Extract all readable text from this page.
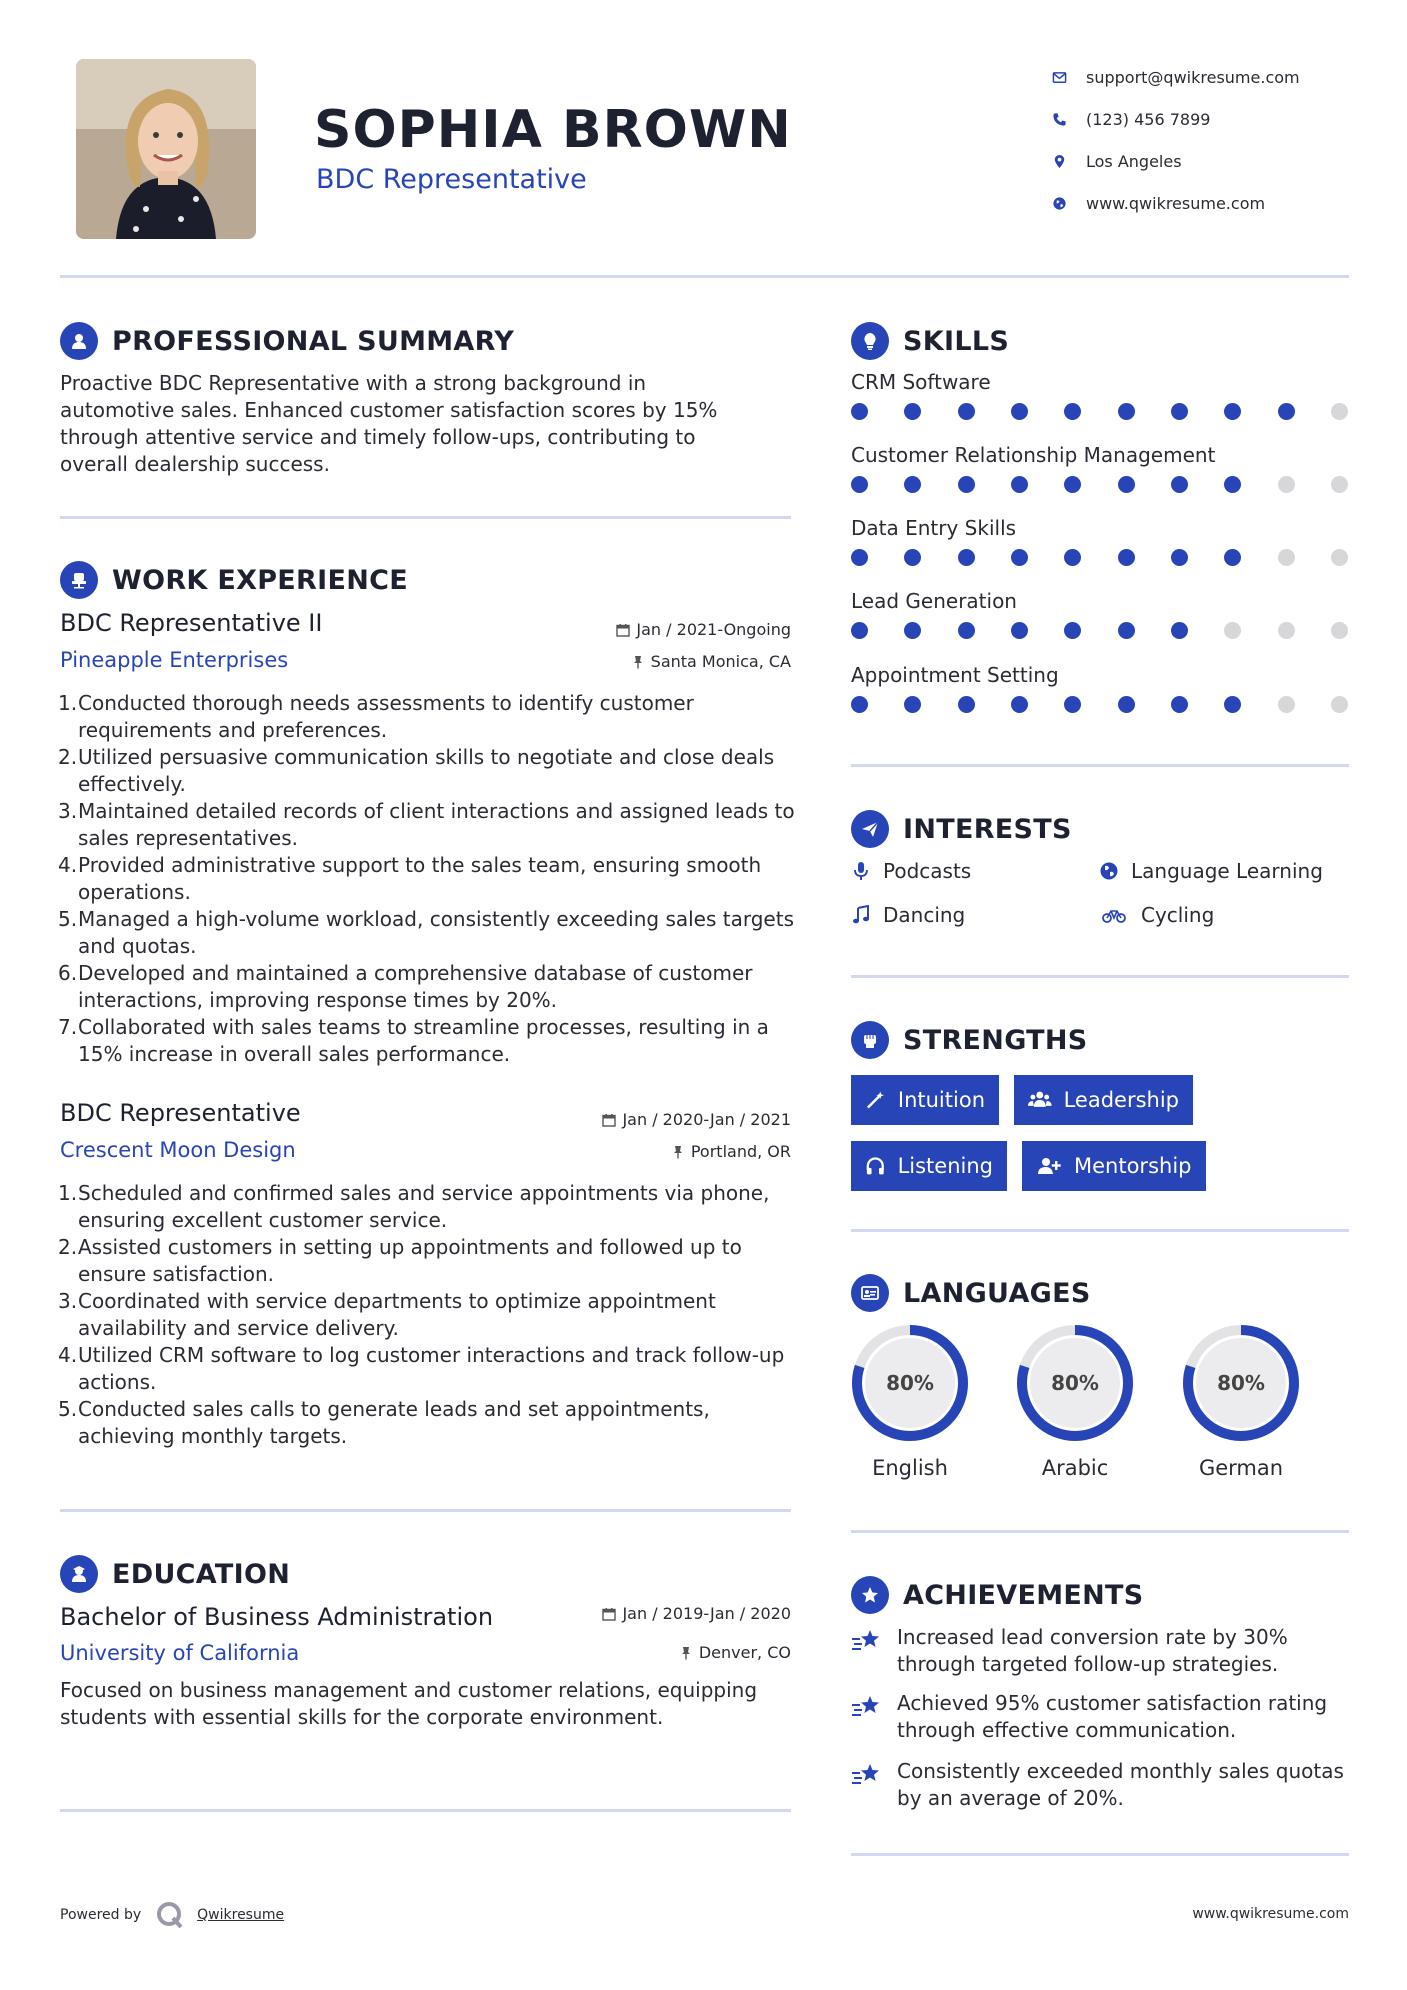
SOPHIA BROWN
BDC Representative
support@qwikresume.com
(123) 456 7899
Los Angeles
www.qwikresume.com
PROFESSIONAL SUMMARY
Proactive BDC Representative with a strong background in automotive sales. Enhanced customer satisfaction scores by 15% through attentive service and timely follow-ups, contributing to overall dealership success.
WORK EXPERIENCE
BDC Representative II	Jan / 2021-Ongoing
Pineapple Enterprises	Santa Monica, CA
1. Conducted thorough needs assessments to identify customer requirements and preferences.
2. Utilized persuasive communication skills to negotiate and close deals effectively.
3. Maintained detailed records of client interactions and assigned leads to sales representatives.
4. Provided administrative support to the sales team, ensuring smooth operations.
5. Managed a high-volume workload, consistently exceeding sales targets and quotas.
6. Developed and maintained a comprehensive database of customer interactions, improving response times by 20%.
7. Collaborated with sales teams to streamline processes, resulting in a 15% increase in overall sales performance.
BDC Representative	Jan / 2020-Jan / 2021
Crescent Moon Design	Portland, OR
1. Scheduled and confirmed sales and service appointments via phone, ensuring excellent customer service.
2. Assisted customers in setting up appointments and followed up to ensure satisfaction.
3. Coordinated with service departments to optimize appointment availability and service delivery.
4. Utilized CRM software to log customer interactions and track follow-up actions.
5. Conducted sales calls to generate leads and set appointments, achieving monthly targets.
EDUCATION
Bachelor of Business Administration	Jan / 2019-Jan / 2020
University of California	Denver, CO
Focused on business management and customer relations, equipping students with essential skills for the corporate environment.
SKILLS
CRM Software
Customer Relationship Management
Data Entry Skills
Lead Generation
Appointment Setting
INTERESTS
Podcasts	Language Learning
Dancing	Cycling
STRENGTHS
Intuition	Leadership
Listening	Mentorship
LANGUAGES
80%
English
80%
Arabic
80%
German
ACHIEVEMENTS
Increased lead conversion rate by 30% through targeted follow-up strategies.
Achieved 95% customer satisfaction rating through effective communication.
Consistently exceeded monthly sales quotas by an average of 20%.
Powered by	Qwikresume	www.qwikresume.com
